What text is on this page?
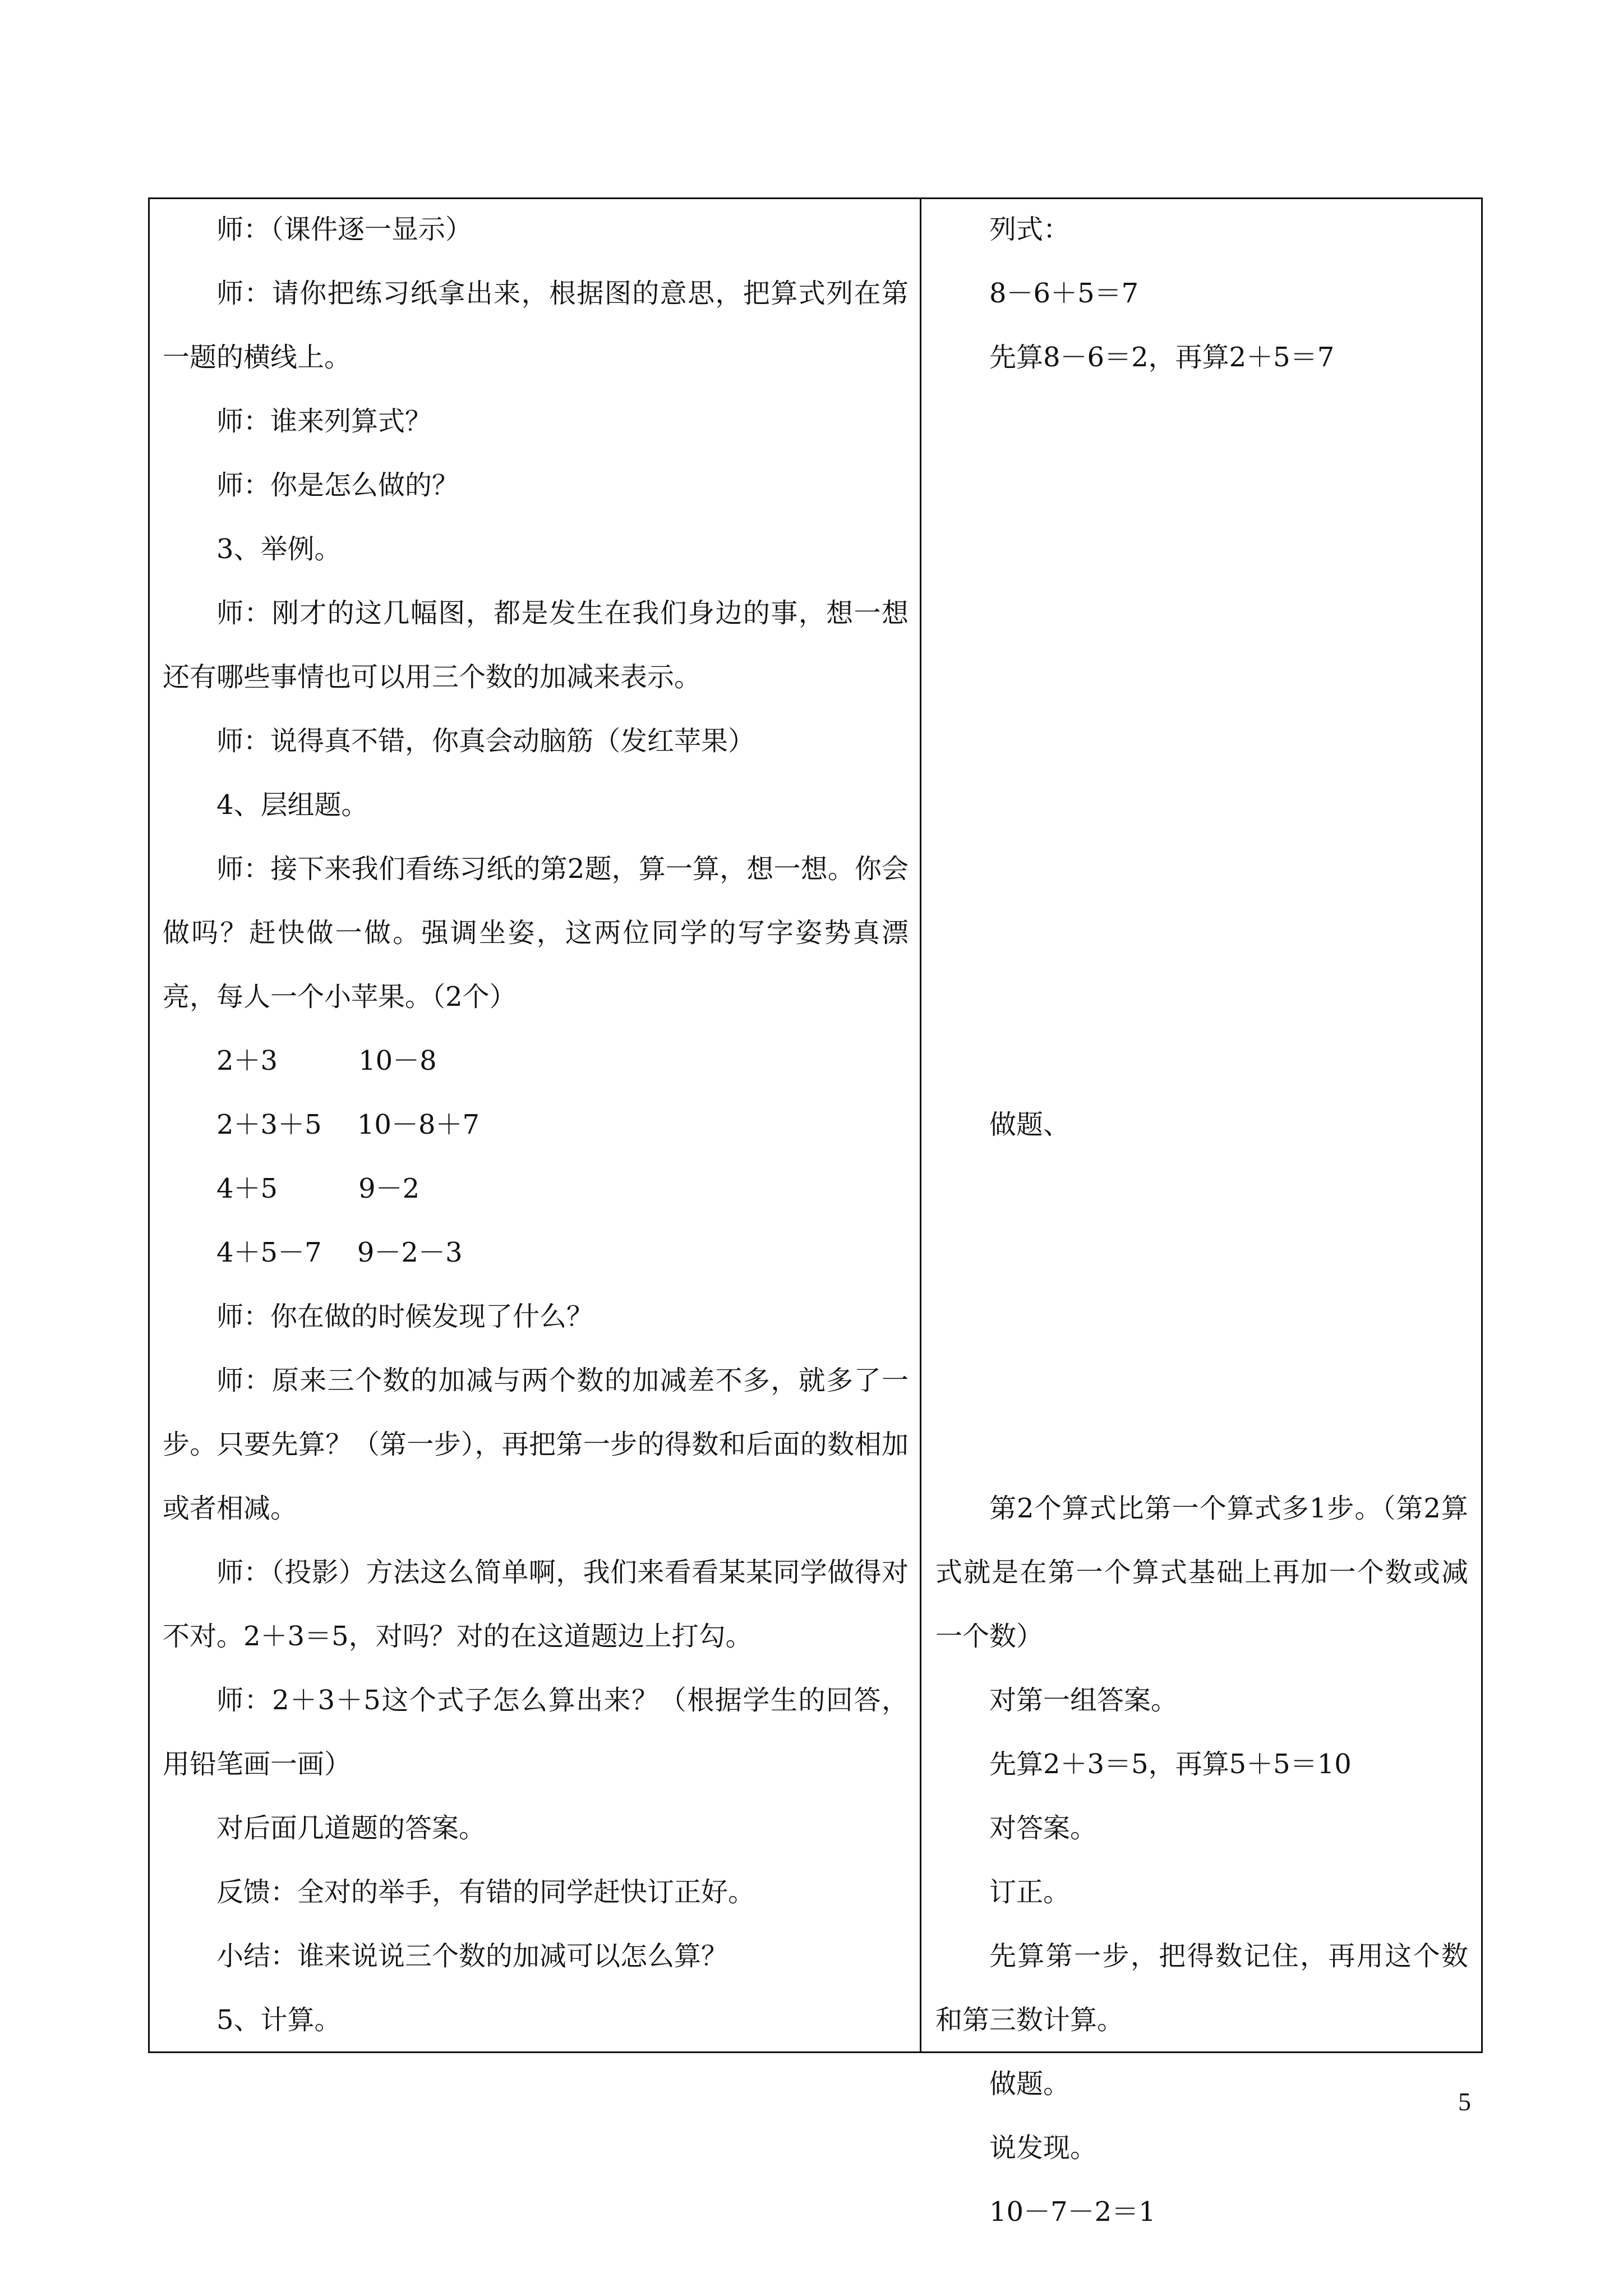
师：（课件逐一显示）

师：请你把练习纸拿出来，根据图的意思，把算式列在第一题的横线上。

师：谁来列算式？

师：你是怎么做的？

3、举例。

师：刚才的这几幅图，都是发生在我们身边的事，想一想还有哪些事情也可以用三个数的加减来表示。

师：说得真不错，你真会动脑筋（发红苹果）

4、层组题。

师：接下来我们看练习纸的第2题，算一算，想一想。你会做吗？赶快做一做。强调坐姿，这两位同学的写字姿势真漂亮，每人一个小苹果。（2个）

2＋3　　　10－8

2＋3＋5　 10－8＋7

4＋5　　　9－2

4＋5－7　 9－2－3

师：你在做的时候发现了什么？

师：原来三个数的加减与两个数的加减差不多，就多了一步。只要先算？（第一步），再把第一步的得数和后面的数相加或者相减。

师：（投影）方法这么简单啊，我们来看看某某同学做得对不对。2＋3＝5，对吗？对的在这道题边上打勾。

师：2＋3＋5这个式子怎么算出来？（根据学生的回答，用铅笔画一画）

对后面几道题的答案。

反馈：全对的举手，有错的同学赶快订正好。

小结：谁来说说三个数的加减可以怎么算？

5、计算。

列式：

8－6＋5＝7

先算8－6＝2，再算2＋5＝7

做题、

第2个算式比第一个算式多1步。（第2算式就是在第一个算式基础上再加一个数或减一个数）

对第一组答案。

先算2＋3＝5，再算5＋5＝10

对答案。

订正。

先算第一步，把得数记住，再用这个数和第三数计算。

做题。

说发现。

10－7－2＝1

5
